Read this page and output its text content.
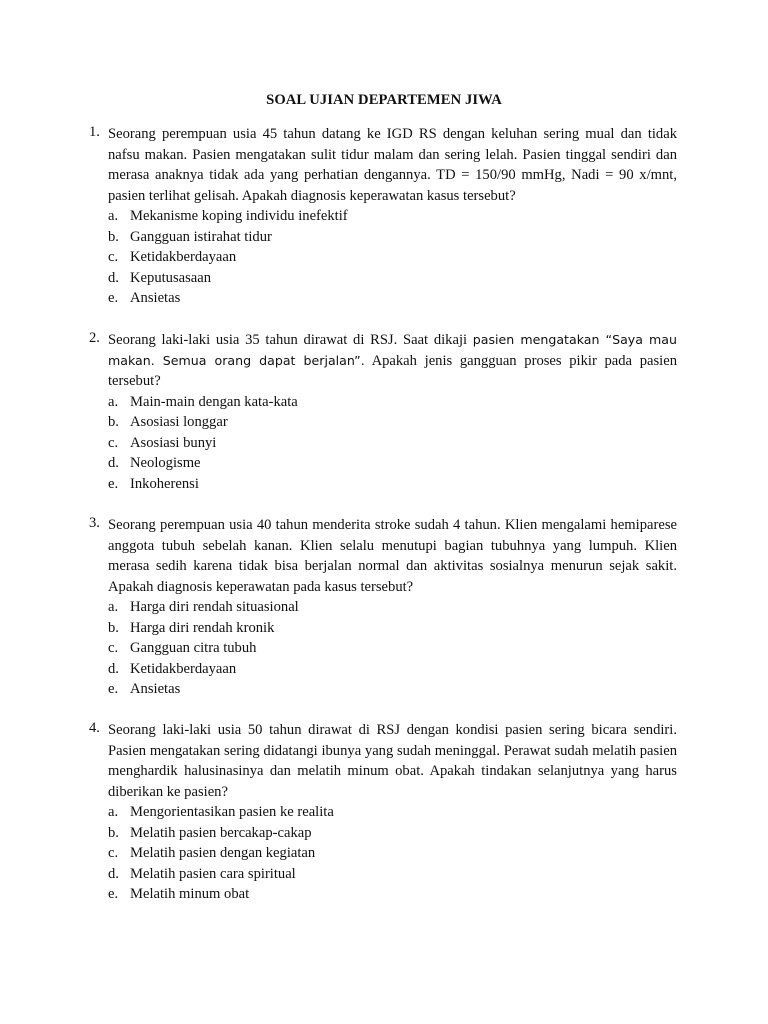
SOAL UJIAN DEPARTEMEN JIWA
1. Seorang perempuan usia 45 tahun datang ke IGD RS dengan keluhan sering mual dan tidak nafsu makan. Pasien mengatakan sulit tidur malam dan sering lelah. Pasien tinggal sendiri dan merasa anaknya tidak ada yang perhatian dengannya. TD = 150/90 mmHg, Nadi = 90 x/mnt, pasien terlihat gelisah. Apakah diagnosis keperawatan kasus tersebut?
a. Mekanisme koping individu inefektif
b. Gangguan istirahat tidur
c. Ketidakberdayaan
d. Keputusasaan
e. Ansietas
2. Seorang laki-laki usia 35 tahun dirawat di RSJ. Saat dikaji pasien mengatakan “Saya mau makan. Semua orang dapat berjalan”. Apakah jenis gangguan proses pikir pada pasien tersebut?
a. Main-main dengan kata-kata
b. Asosiasi longgar
c. Asosiasi bunyi
d. Neologisme
e. Inkoherensi
3. Seorang perempuan usia 40 tahun menderita stroke sudah 4 tahun. Klien mengalami hemiparese anggota tubuh sebelah kanan. Klien selalu menutupi bagian tubuhnya yang lumpuh. Klien merasa sedih karena tidak bisa berjalan normal dan aktivitas sosialnya menurun sejak sakit. Apakah diagnosis keperawatan pada kasus tersebut?
a. Harga diri rendah situasional
b. Harga diri rendah kronik
c. Gangguan citra tubuh
d. Ketidakberdayaan
e. Ansietas
4. Seorang laki-laki usia 50 tahun dirawat di RSJ dengan kondisi pasien sering bicara sendiri. Pasien mengatakan sering didatangi ibunya yang sudah meninggal. Perawat sudah melatih pasien menghardik halusinasinya dan melatih minum obat. Apakah tindakan selanjutnya yang harus diberikan ke pasien?
a. Mengorientasikan pasien ke realita
b. Melatih pasien bercakap-cakap
c. Melatih pasien dengan kegiatan
d. Melatih pasien cara spiritual
e. Melatih minum obat
